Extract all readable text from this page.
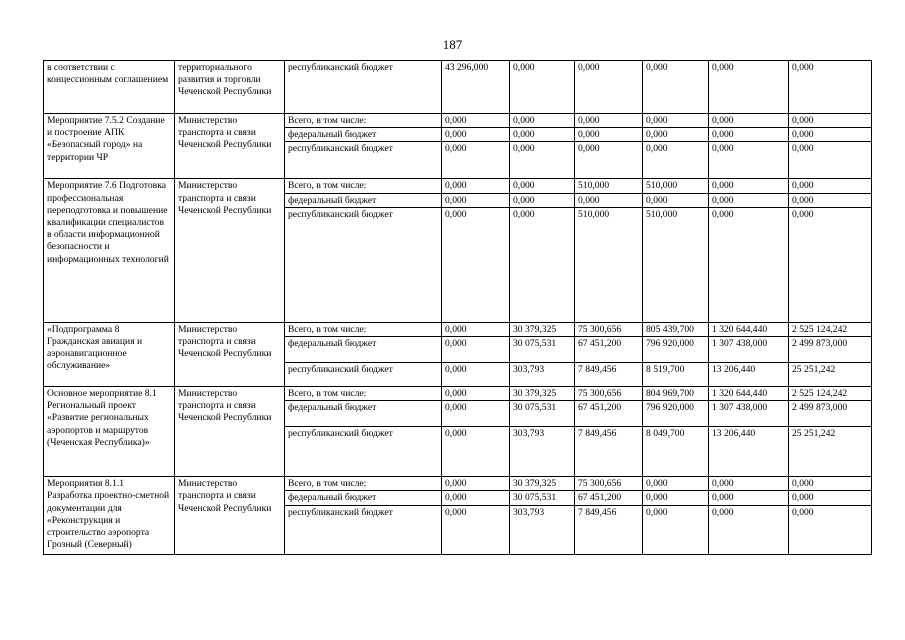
187
в соответствии с концессионным соглашением	территориального развития и торговли Чеченской Республики	республиканский бюджет	43 296,000	0,000	0,000	0,000	0,000	0,000
Мероприятие 7.5.2 Создание и построение АПК «Безопасный город» на территории ЧР	Министерство транспорта и связи Чеченской Республики	Всего, в том числе:	0,000	0,000	0,000	0,000	0,000	0,000
		федеральный бюджет	0,000	0,000	0,000	0,000	0,000	0,000
		республиканский бюджет	0,000	0,000	0,000	0,000	0,000	0,000
Мероприятие 7.6 Подготовка профессиональная переподготовка и повышение квалификации специалистов в области информационной безопасности и информационных технологий	Министерство транспорта и связи Чеченской Республики	Всего, в том числе:	0,000	0,000	510,000	510,000	0,000	0,000
		федеральный бюджет	0,000	0,000	0,000	0,000	0,000	0,000
		республиканский бюджет	0,000	0,000	510,000	510,000	0,000	0,000
«Подпрограмма 8 Гражданская авиация и аэронавигационное обслуживание»	Министерство транспорта и связи Чеченской Республики	Всего, в том числе:	0,000	30 379,325	75 300,656	805 439,700	1 320 644,440	2 525 124,242
		федеральный бюджет	0,000	30 075,531	67 451,200	796 920,000	1 307 438,000	2 499 873,000
		республиканский бюджет	0,000	303,793	7 849,456	8 519,700	13 206,440	25 251,242
Основное мероприятие 8.1 Региональный проект «Развитие региональных аэропортов и маршрутов (Чеченская Республика)»	Министерство транспорта и связи Чеченской Республики	Всего, в том числе:	0,000	30 379,325	75 300,656	804 969,700	1 320 644,440	2 525 124,242
		федеральный бюджет	0,000	30 075,531	67 451,200	796 920,000	1 307 438,000	2 499 873,000
		республиканский бюджет	0,000	303,793	7 849,456	8 049,700	13 206,440	25 251,242
Мероприятия 8.1.1 Разработка проектно-сметной документации для «Реконструкция и строительство аэропорта Грозный (Северный)	Министерство транспорта и связи Чеченской Республики	Всего, в том числе:	0,000	30 379,325	75 300,656	0,000	0,000	0,000
		федеральный бюджет	0,000	30 075,531	67 451,200	0,000	0,000	0,000
		республиканский бюджет	0,000	303,793	7 849,456	0,000	0,000	0,000
